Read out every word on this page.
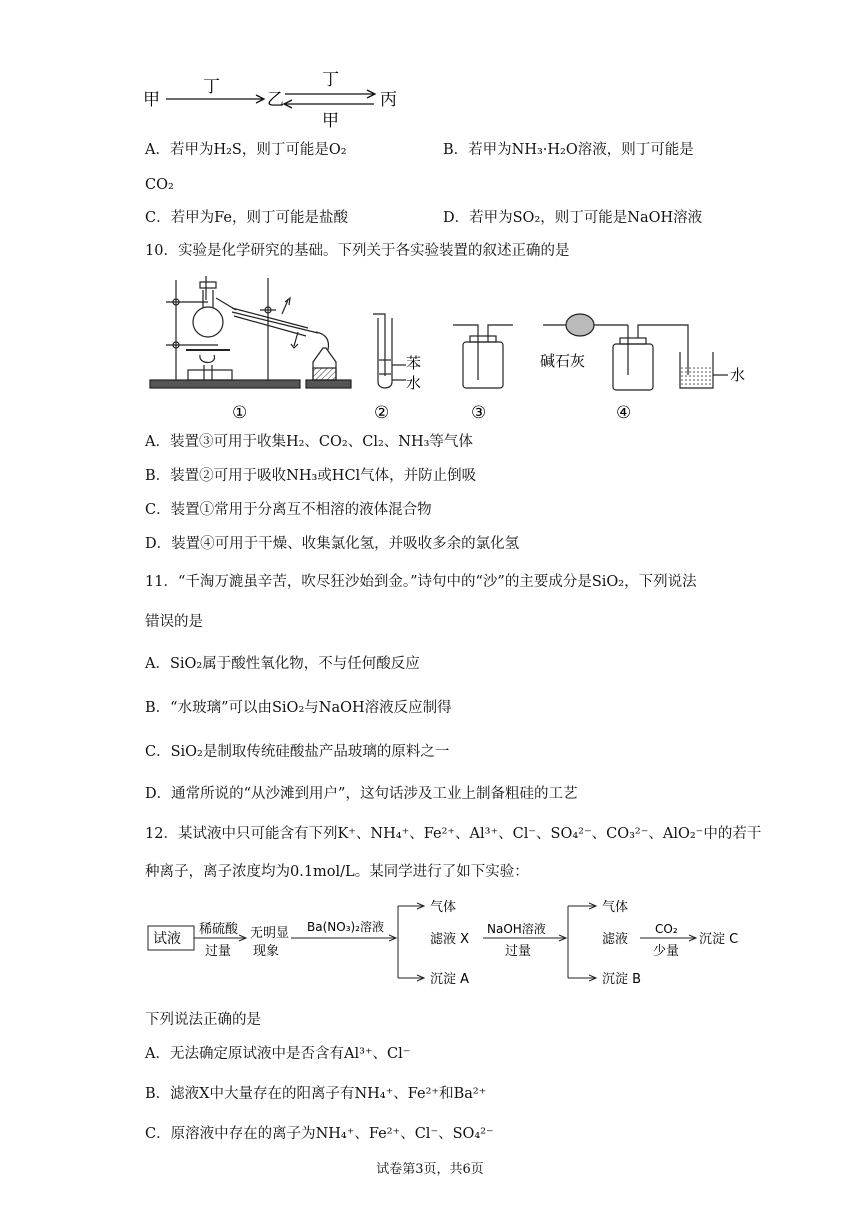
甲
丁
乙
丁
甲
丙
A．若甲为H₂S，则丁可能是O₂	B．若甲为NH₃·H₂O溶液，则丁可能是
CO₂
C．若甲为Fe，则丁可能是盐酸	D．若甲为SO₂，则丁可能是NaOH溶液
10．实验是化学研究的基础。下列关于各实验装置的叙述正确的是
①
苯
水
②	③
碱石灰
水
④
A．装置③可用于收集H₂、CO₂、Cl₂、NH₃等气体
B．装置②可用于吸收NH₃或HCl气体，并防止倒吸
C．装置①常用于分离互不相溶的液体混合物
D．装置④可用于干燥、收集氯化氢，并吸收多余的氯化氢
11．“千淘万漉虽辛苦，吹尽狂沙始到金。”诗句中的“沙”的主要成分是SiO₂，下列说法
错误的是
A．SiO₂属于酸性氧化物，不与任何酸反应
B．“水玻璃”可以由SiO₂与NaOH溶液反应制得
C．SiO₂是制取传统硅酸盐产品玻璃的原料之一
D．通常所说的“从沙滩到用户”，这句话涉及工业上制备粗硅的工艺
12．某试液中只可能含有下列K⁺、NH₄⁺、Fe²⁺、Al³⁺、Cl⁻、SO₄²⁻、CO₃²⁻、AlO₂⁻中的若干
种离子，离子浓度均为0.1mol/L。某同学进行了如下实验：
试液
稀硫酸
过量
无明显
现象
Ba(NO₃)₂溶液
气体
滤液 X
沉淀 A
NaOH溶液
过量
气体
滤液
沉淀 B
CO₂
少量
沉淀 C
下列说法正确的是
A．无法确定原试液中是否含有Al³⁺、Cl⁻
B．滤液X中大量存在的阳离子有NH₄⁺、Fe²⁺和Ba²⁺
C．原溶液中存在的离子为NH₄⁺、Fe²⁺、Cl⁻、SO₄²⁻
试卷第3页，共6页
